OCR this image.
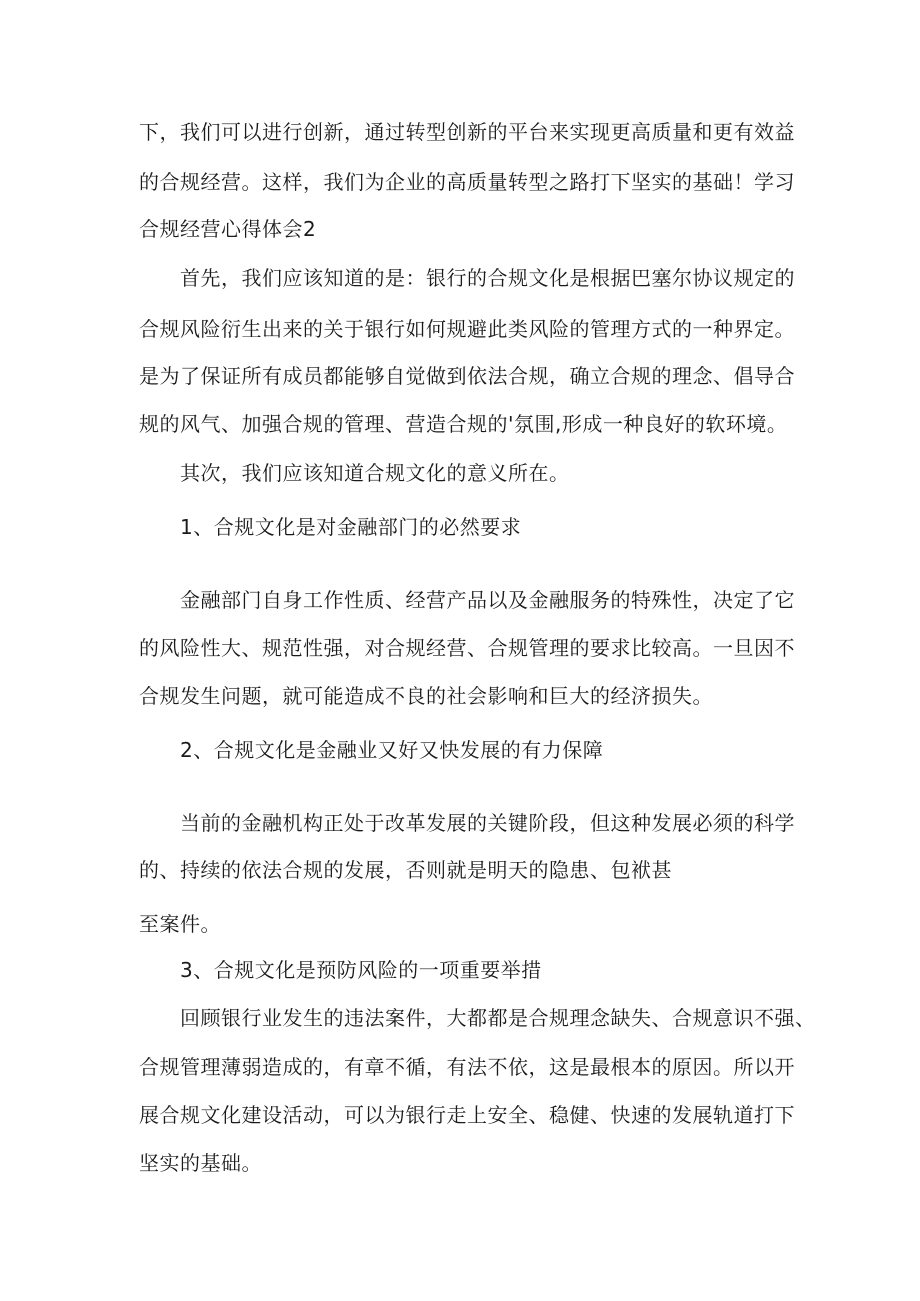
下，我们可以进行创新，通过转型创新的平台来实现更高质量和更有效益
的合规经营。这样，我们为企业的高质量转型之路打下坚实的基础！学习
合规经营心得体会2
首先，我们应该知道的是：银行的合规文化是根据巴塞尔协议规定的
合规风险衍生出来的关于银行如何规避此类风险的管理方式的一种界定。
是为了保证所有成员都能够自觉做到依法合规，确立合规的理念、倡导合
规的风气、加强合规的管理、营造合规的'氛围,形成一种良好的软环境。
其次，我们应该知道合规文化的意义所在。
1、合规文化是对金融部门的必然要求
金融部门自身工作性质、经营产品以及金融服务的特殊性，决定了它
的风险性大、规范性强，对合规经营、合规管理的要求比较高。一旦因不
合规发生问题，就可能造成不良的社会影响和巨大的经济损失。
2、合规文化是金融业又好又快发展的有力保障
当前的金融机构正处于改革发展的关键阶段，但这种发展必须的科学
的、持续的依法合规的发展，否则就是明天的隐患、包袱甚
至案件。
3、合规文化是预防风险的一项重要举措
回顾银行业发生的违法案件，大都都是合规理念缺失、合规意识不强、
合规管理薄弱造成的，有章不循，有法不依，这是最根本的原因。所以开
展合规文化建设活动，可以为银行走上安全、稳健、快速的发展轨道打下
坚实的基础。
